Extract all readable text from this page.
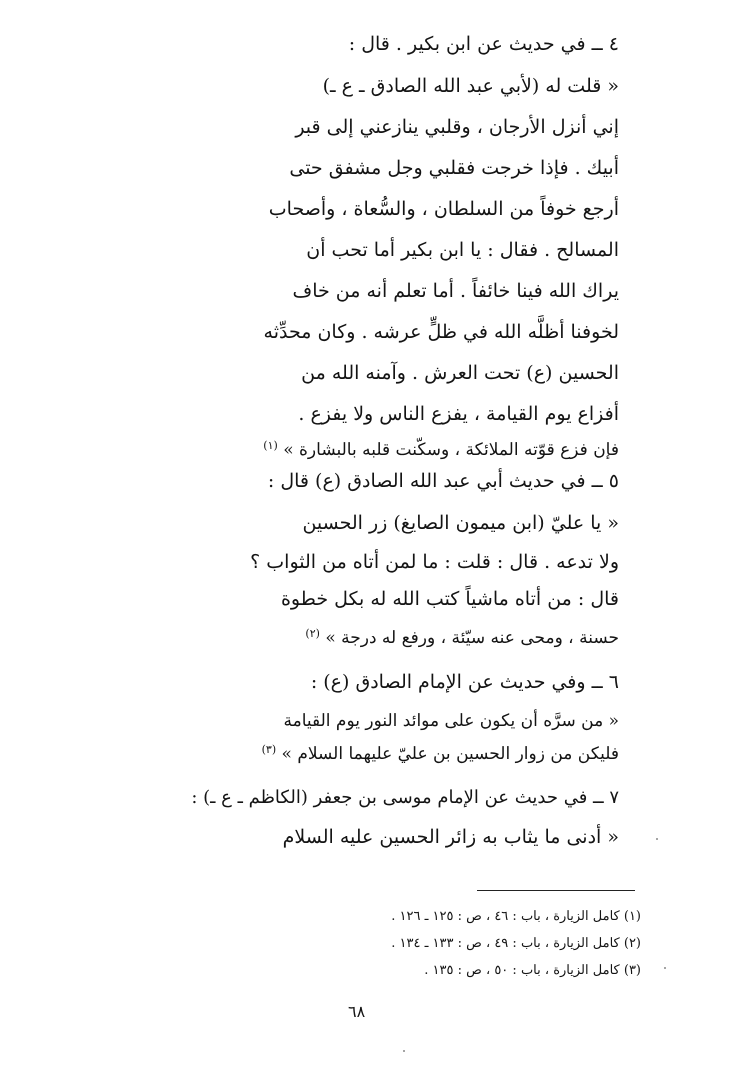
٤ ــ في حديث عن ابن بكير . قال :
« قلت له (لأبي عبد الله الصادق ـ ع ـ)
إني أنزل الأرجان ، وقلبي ينازعني إلى قبر
أبيك . فإذا خرجت فقلبي وجل مشفق حتى
أرجع خوفاً من السلطان ، والسُّعاة ، وأصحاب
المسالح . فقال : يا ابن بكير أما تحب أن
يراك الله فينا خائفاً . أما تعلم أنه من خاف
لخوفنا أظلَّه الله في ظلٍّ عرشه . وكان محدِّثه
الحسين (ع) تحت العرش . وآمنه الله من
أفزاع يوم القيامة ، يفزع الناس ولا يفزع .
فإن فزع قوّته الملائكة ، وسكّنت قلبه بالبشارة » $^{(١)}$
٥ ــ في حديث أبي عبد الله الصادق (ع) قال :
« يا عليّ (ابن ميمون الصايغ) زر الحسين
ولا تدعه . قال : قلت : ما لمن أتاه من الثواب ؟
قال : من أتاه ماشياً كتب الله له بكل خطوة
حسنة ، ومحى عنه سيّئة ، ورفع له درجة » $^{(٢)}$
٦ ــ وفي حديث عن الإمام الصادق (ع) :
« من سرَّه أن يكون على موائد النور يوم القيامة
فليكن من زوار الحسين بن عليّ عليهما السلام » $^{(٣)}$
٧ ــ في حديث عن الإمام موسى بن جعفر (الكاظم ـ ع ـ) :
« أدنى ما يثاب به زائر الحسين عليه السلام
(١) كامل الزيارة ، باب : ٤٦ ، ص : ١٢٥ ـ ١٢٦ .
(٢) كامل الزيارة ، باب : ٤٩ ، ص : ١٣٣ ـ ١٣٤ .
(٣) كامل الزيارة ، باب : ٥٠ ، ص : ١٣٥ .
٦٨
